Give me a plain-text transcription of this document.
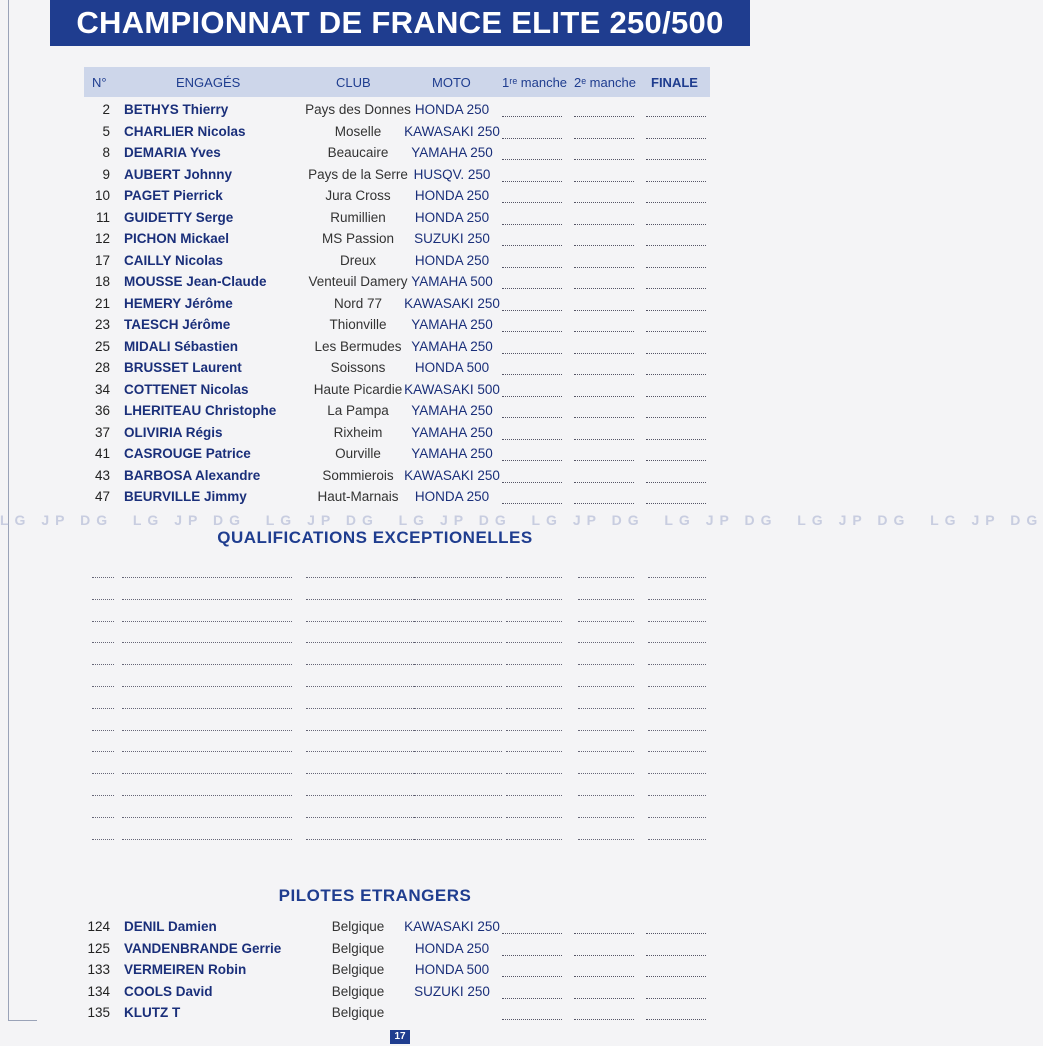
CHAMPIONNAT DE FRANCE ELITE 250/500
N°	ENGAGÉS	CLUB	MOTO 1ʳᵉ manche 2ᵉ manche FINALE
2 BETHYS Thierry	Pays des Donnes HONDA 250
5 CHARLIER Nicolas	Moselle	KAWASAKI 250
8 DEMARIA Yves	Beaucaire	YAMAHA 250
9 AUBERT Johnny	Pays de la Serre HUSQV. 250
10 PAGET Pierrick	Jura Cross	HONDA 250
11 GUIDETTY Serge	Rumillien	HONDA 250
12 PICHON Mickael	MS Passion	SUZUKI 250
17 CAILLY Nicolas	Dreux	HONDA 250
18 MOUSSE Jean-Claude	Venteuil Damery YAMAHA 500
21 HEMERY Jérôme	Nord 77	KAWASAKI 250
23 TAESCH Jérôme	Thionville	YAMAHA 250
25 MIDALI Sébastien	Les Bermudes YAMAHA 250
28 BRUSSET Laurent	Soissons	HONDA 500
34 COTTENET Nicolas	Haute Picardie KAWASAKI 500
36 LHERITEAU Christophe	La Pampa	YAMAHA 250
37 OLIVIRIA Régis	Rixheim	YAMAHA 250
41 CASROUGE Patrice	Ourville	YAMAHA 250
43 BARBOSA Alexandre	Sommierois KAWASAKI 250
47 BEURVILLE Jimmy	Haut-Marnais	HONDA 250
LG JP DG LG JP DG LG JP DG LG JP DG LG JP DG LG JP DG LG JP DG LG JP DG
QUALIFICATIONS EXCEPTIONELLES
PILOTES ETRANGERS
124 DENIL Damien	Belgique	KAWASAKI 250
125 VANDENBRANDE Gerrie	Belgique	HONDA 250
133 VERMEIREN Robin	Belgique	HONDA 500
134 COOLS David	Belgique	SUZUKI 250
135 KLUTZ T	Belgique
17
